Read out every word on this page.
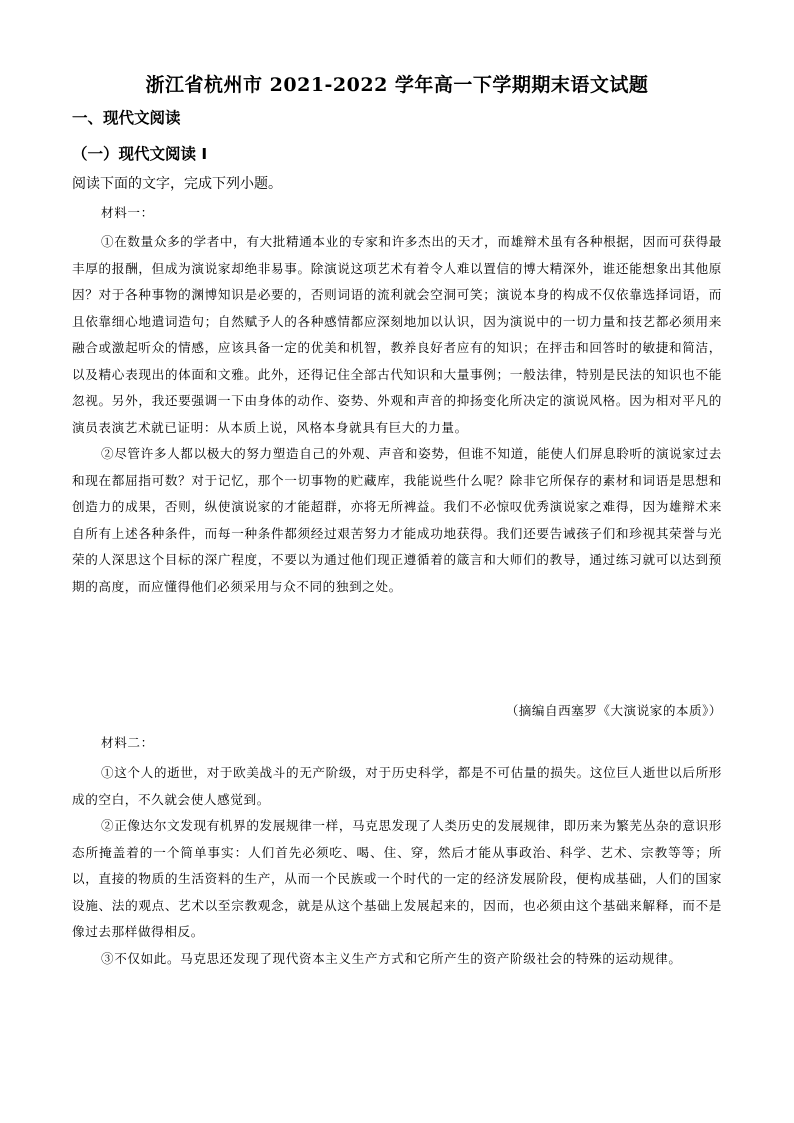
浙江省杭州市 2021-2022 学年高一下学期期末语文试题
一、现代文阅读
（一）现代文阅读 I
阅读下面的文字，完成下列小题。
材料一：

①在数量众多的学者中，有大批精通本业的专家和许多杰出的天才，而雄辩术虽有各种根据，因而可获得最丰厚的报酬，但成为演说家却绝非易事。除演说这项艺术有着令人难以置信的博大精深外，谁还能想象出其他原因？对于各种事物的渊博知识是必要的，否则词语的流利就会空洞可笑；演说本身的构成不仅依靠选择词语，而且依靠细心地遣词造句；自然赋予人的各种感情都应深刻地加以认识，因为演说中的一切力量和技艺都必须用来融合或激起听众的情感，应该具备一定的优美和机智，教养良好者应有的知识；在抨击和回答时的敏捷和简洁，以及精心表现出的体面和文雅。此外，还得记住全部古代知识和大量事例；一般法律，特别是民法的知识也不能忽视。另外，我还要强调一下由身体的动作、姿势、外观和声音的抑扬变化所决定的演说风格。因为相对平凡的演员表演艺术就已证明：从本质上说，风格本身就具有巨大的力量。

②尽管许多人都以极大的努力塑造自己的外观、声音和姿势，但谁不知道，能使人们屏息聆听的演说家过去和现在都屈指可数？对于记忆，那个一切事物的贮藏库，我能说些什么呢？除非它所保存的素材和词语是思想和创造力的成果，否则，纵使演说家的才能超群，亦将无所裨益。我们不必惊叹优秀演说家之难得，因为雄辩术来自所有上述各种条件，而每一种条件都须经过艰苦努力才能成功地获得。我们还要告诫孩子们和珍视其荣誉与光荣的人深思这个目标的深广程度，不要以为通过他们现正遵循着的箴言和大师们的教导，通过练习就可以达到预期的高度，而应懂得他们必须采用与众不同的独到之处。

（摘编自西塞罗《大演说家的本质》）
材料二：

①这个人的逝世，对于欧美战斗的无产阶级，对于历史科学，都是不可估量的损失。这位巨人逝世以后所形成的空白，不久就会使人感觉到。

②正像达尔文发现有机界的发展规律一样，马克思发现了人类历史的发展规律，即历来为繁芜丛杂的意识形态所掩盖着的一个简单事实：人们首先必须吃、喝、住、穿，然后才能从事政治、科学、艺术、宗教等等；所以，直接的物质的生活资料的生产，从而一个民族或一个时代的一定的经济发展阶段，便构成基础，人们的国家设施、法的观点、艺术以至宗教观念，就是从这个基础上发展起来的，因而，也必须由这个基础来解释，而不是像过去那样做得相反。

③不仅如此。马克思还发现了现代资本主义生产方式和它所产生的资产阶级社会的特殊的运动规律。
